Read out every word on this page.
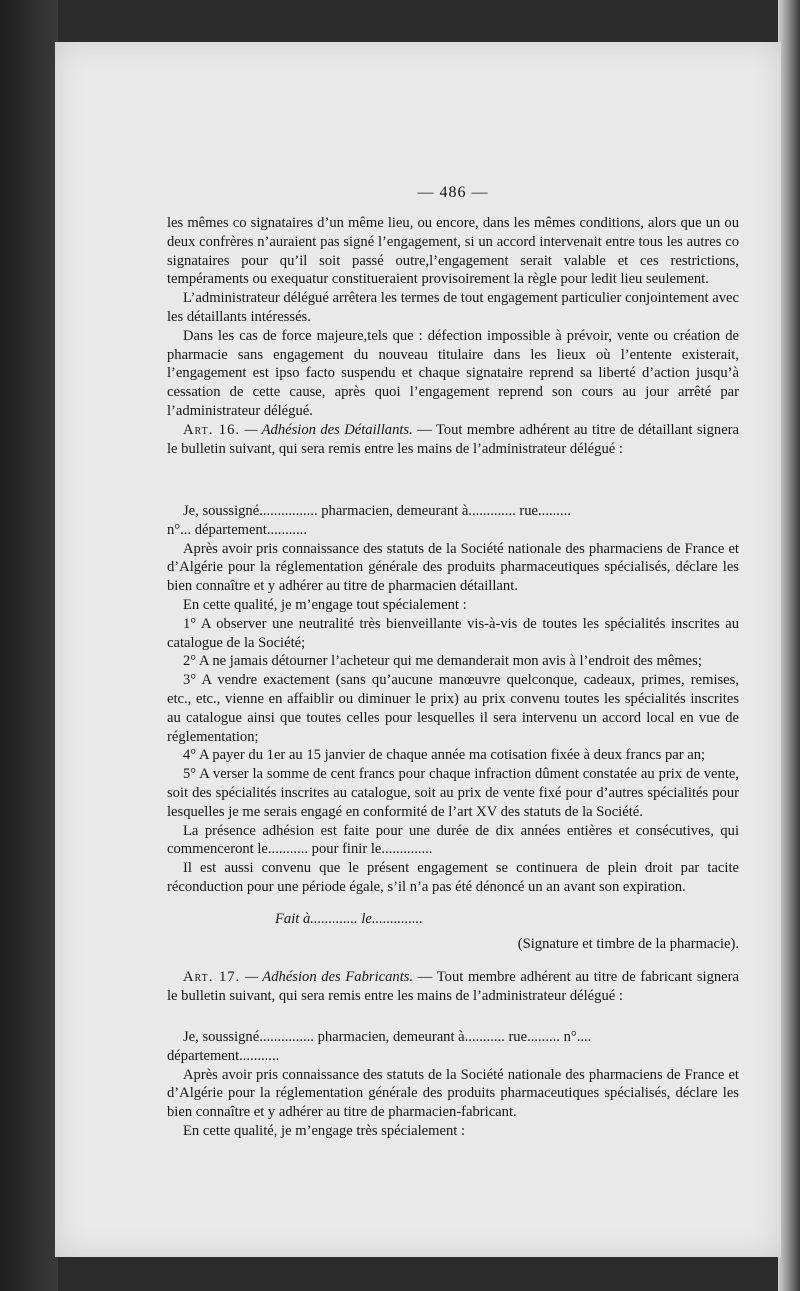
— 486 —

les mêmes co signataires d’un même lieu, ou encore, dans les mêmes conditions, alors que un ou deux confrères n’auraient pas signé l’engagement, si un accord intervenait entre tous les autres co signataires pour qu’il soit passé outre,l’engagement serait valable et ces restrictions, tempéraments ou exequatur constitueraient provisoirement la règle pour ledit lieu seulement.

L’administrateur délégué arrêtera les termes de tout engagement particulier conjointement avec les détaillants intéressés.

Dans les cas de force majeure,tels que : défection impossible à prévoir, vente ou création de pharmacie sans engagement du nouveau titulaire dans les lieux où l’entente existerait, l’engagement est ipso facto suspendu et chaque signataire reprend sa liberté d’action jusqu’à cessation de cette cause, après quoi l’engagement reprend son cours au jour arrêté par l’administrateur délégué.

Art. 16. — Adhésion des Détaillants. — Tout membre adhérent au titre de détaillant signera le bulletin suivant, qui sera remis entre les mains de l’administrateur délégué :

Je, soussigné................ pharmacien, demeurant à............. rue.........

n°... département...........

Après avoir pris connaissance des statuts de la Société nationale des pharmaciens de France et d’Algérie pour la réglementation générale des produits pharmaceutiques spécialisés, déclare les bien connaître et y adhérer au titre de pharmacien détaillant.

En cette qualité, je m’engage tout spécialement :

1° A observer une neutralité très bienveillante vis-à-vis de toutes les spécialités inscrites au catalogue de la Société;

2° A ne jamais détourner l’acheteur qui me demanderait mon avis à l’endroit des mêmes;

3° A vendre exactement (sans qu’aucune manœuvre quelconque, cadeaux, primes, remises, etc., etc., vienne en affaiblir ou diminuer le prix) au prix convenu toutes les spécialités inscrites au catalogue ainsi que toutes celles pour lesquelles il sera intervenu un accord local en vue de réglementation;

4° A payer du 1er au 15 janvier de chaque année ma cotisation fixée à deux francs par an;

5° A verser la somme de cent francs pour chaque infraction dûment constatée au prix de vente, soit des spécialités inscrites au catalogue, soit au prix de vente fixé pour d’autres spécialités pour lesquelles je me serais engagé en conformité de l’art XV des statuts de la Société.

La présence adhésion est faite pour une durée de dix années entières et consécutives, qui commenceront le........... pour finir le..............

Il est aussi convenu que le présent engagement se continuera de plein droit par tacite réconduction pour une période égale, s’il n’a pas été dénoncé un an avant son expiration.

Fait à............. le..............

(Signature et timbre de la pharmacie).

Art. 17. — Adhésion des Fabricants. — Tout membre adhérent au titre de fabricant signera le bulletin suivant, qui sera remis entre les mains de l’administrateur délégué :

Je, soussigné............... pharmacien, demeurant à........... rue......... n°....

département...........

Après avoir pris connaissance des statuts de la Société nationale des pharmaciens de France et d’Algérie pour la réglementation générale des produits pharmaceutiques spécialisés, déclare les bien connaître et y adhérer au titre de pharmacien-fabricant.

En cette qualité, je m’engage très spécialement :
